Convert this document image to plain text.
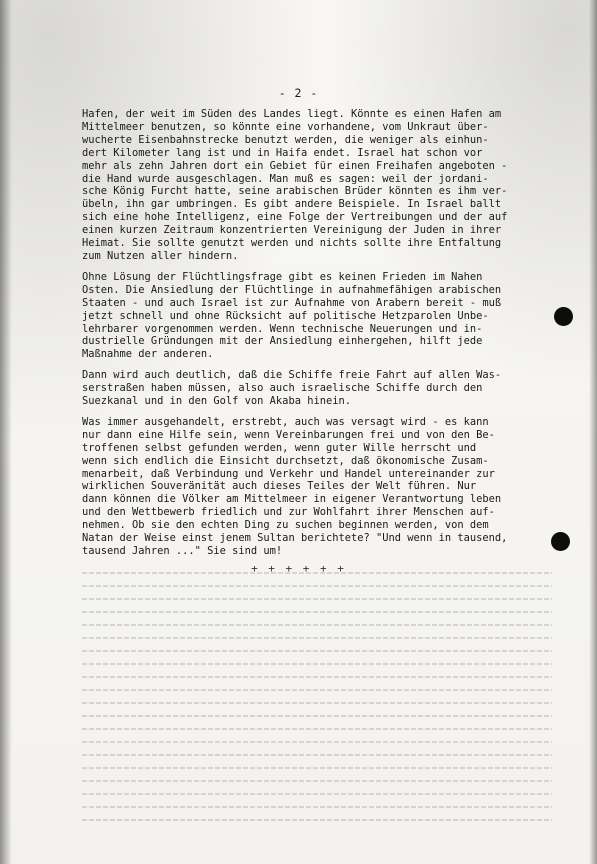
- 2 -

Hafen, der weit im Süden des Landes liegt. Könnte es einen Hafen am
Mittelmeer benutzen, so könnte eine vorhandene, vom Unkraut über-
wucherte Eisenbahnstrecke benutzt werden, die weniger als einhun-
dert Kilometer lang ist und in Haifa endet. Israel hat schon vor
mehr als zehn Jahren dort ein Gebiet für einen Freihafen angeboten -
die Hand wurde ausgeschlagen. Man muß es sagen: weil der jordani-
sche König Furcht hatte, seine arabischen Brüder könnten es ihm ver-
übeln, ihn gar umbringen. Es gibt andere Beispiele. In Israel ballt
sich eine hohe Intelligenz, eine Folge der Vertreibungen und der auf
einen kurzen Zeitraum konzentrierten Vereinigung der Juden in ihrer
Heimat. Sie sollte genutzt werden und nichts sollte ihre Entfaltung
zum Nutzen aller hindern.

Ohne Lösung der Flüchtlingsfrage gibt es keinen Frieden im Nahen
Osten. Die Ansiedlung der Flüchtlinge in aufnahmefähigen arabischen
Staaten - und auch Israel ist zur Aufnahme von Arabern bereit - muß
jetzt schnell und ohne Rücksicht auf politische Hetzparolen Unbe-
lehrbarer vorgenommen werden. Wenn technische Neuerungen und in-
dustrielle Gründungen mit der Ansiedlung einhergehen, hilft jede
Maßnahme der anderen.

Dann wird auch deutlich, daß die Schiffe freie Fahrt auf allen Was-
serstraßen haben müssen, also auch israelische Schiffe durch den
Suezkanal und in den Golf von Akaba hinein.

Was immer ausgehandelt, erstrebt, auch was versagt wird - es kann
nur dann eine Hilfe sein, wenn Vereinbarungen frei und von den Be-
troffenen selbst gefunden werden, wenn guter Wille herrscht und
wenn sich endlich die Einsicht durchsetzt, daß ökonomische Zusam-
menarbeit, daß Verbindung und Verkehr und Handel untereinander zur
wirklichen Souveränität auch dieses Teiles der Welt führen. Nur
dann können die Völker am Mittelmeer in eigener Verantwortung leben
und den Wettbewerb friedlich und zur Wohlfahrt ihrer Menschen auf-
nehmen. Ob sie den echten Ding zu suchen beginnen werden, von dem
Natan der Weise einst jenem Sultan berichtete? "Und wenn in tausend,
tausend Jahren ..." Sie sind um!

+ + + + + +
